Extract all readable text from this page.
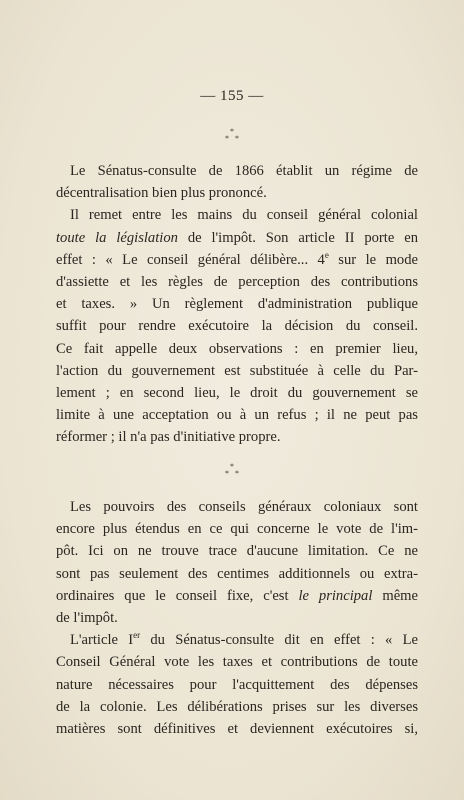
— 155 —
*
* *

Le Sénatus-consulte de 1866 établit un régime de
décentralisation bien plus prononcé.

Il remet entre les mains du conseil général colonial
toute la législation de l'impôt. Son article II porte en
effet : « Le conseil général délibère... 4e sur le mode
d'assiette et les règles de perception des contributions
et taxes. » Un règlement d'administration publique
suffit pour rendre exécutoire la décision du conseil.
Ce fait appelle deux observations : en premier lieu,
l'action du gouvernement est substituée à celle du Par-
lement ; en second lieu, le droit du gouvernement se
limite à une acceptation ou à un refus ; il ne peut pas
réformer ; il n'a pas d'initiative propre.

*
* *

Les pouvoirs des conseils généraux coloniaux sont
encore plus étendus en ce qui concerne le vote de l'im-
pôt. Ici on ne trouve trace d'aucune limitation. Ce ne
sont pas seulement des centimes additionnels ou extra-
ordinaires que le conseil fixe, c'est le principal même
de l'impôt.

L'article Ier du Sénatus-consulte dit en effet : « Le
Conseil Général vote les taxes et contributions de toute
nature nécessaires pour l'acquittement des dépenses
de la colonie. Les délibérations prises sur les diverses
matières sont définitives et deviennent exécutoires si,
